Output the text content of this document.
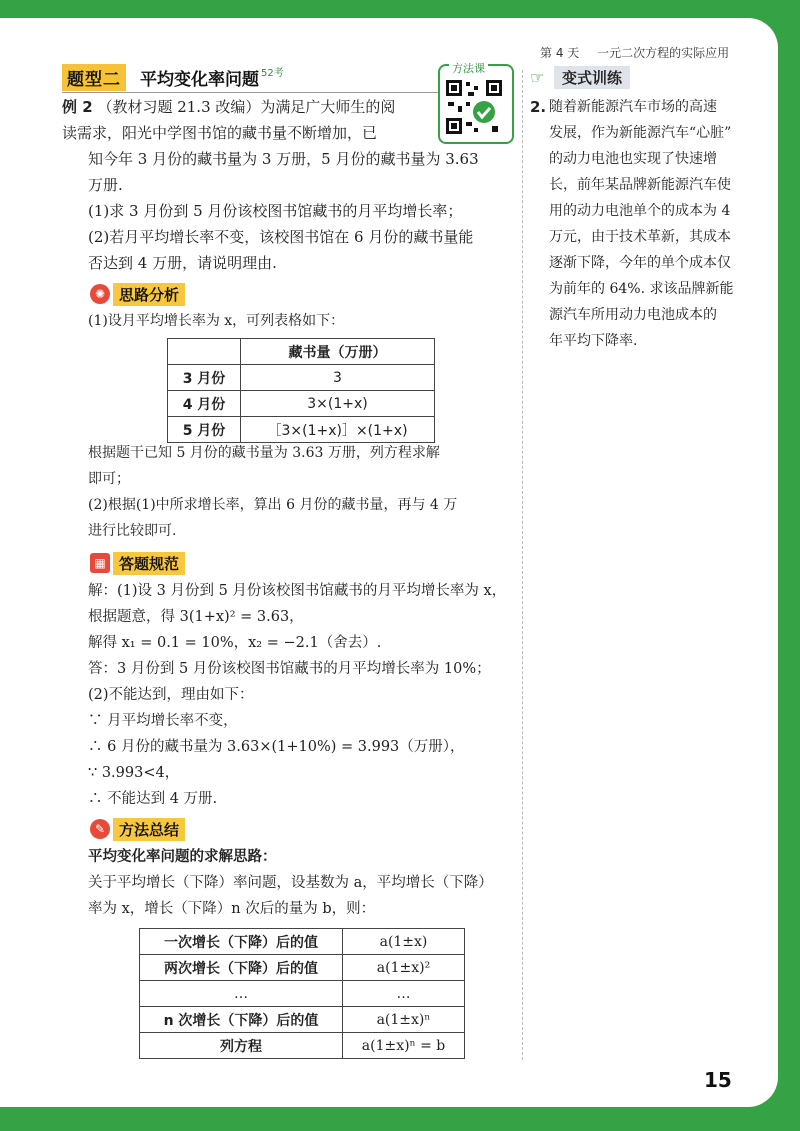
第 4 天 一元二次方程的实际应用
题型二 平均变化率问题 52考	方法课
例 2 （教材习题 21.3 改编）为满足广大师生的阅
读需求，阳光中学图书馆的藏书量不断增加，已
知今年 3 月份的藏书量为 3 万册，5 月份的藏书量为 3.63
万册.
(1)求 3 月份到 5 月份该校图书馆藏书的月平均增长率；
(2)若月平均增长率不变，该校图书馆在 6 月份的藏书量能
否达到 4 万册，请说明理由.
✺ 思路分析
(1)设月平均增长率为 x，可列表格如下：
	藏书量（万册）
3 月份	3
4 月份	3×(1+x)
5 月份	［3×(1+x)］×(1+x)
根据题干已知 5 月份的藏书量为 3.63 万册，列方程求解
即可；
(2)根据(1)中所求增长率，算出 6 月份的藏书量，再与 4 万
进行比较即可.
▦ 答题规范
解：(1)设 3 月份到 5 月份该校图书馆藏书的月平均增长率为 x，
根据题意，得 3(1+x)² = 3.63，
解得 x₁ = 0.1 = 10%，x₂ = −2.1（舍去）.
答：3 月份到 5 月份该校图书馆藏书的月平均增长率为 10%；
(2)不能达到，理由如下：
∵ 月平均增长率不变，
∴ 6 月份的藏书量为 3.63×(1+10%) = 3.993（万册），
∵ 3.993<4，
∴ 不能达到 4 万册.
✎ 方法总结
平均变化率问题的求解思路：
关于平均增长（下降）率问题，设基数为 a，平均增长（下降）
率为 x，增长（下降）n 次后的量为 b，则：
一次增长（下降）后的值	a(1±x)
两次增长（下降）后的值	a(1±x)²
…	…
n 次增长（下降）后的值	a(1±x)ⁿ
列方程	a(1±x)ⁿ = b
☞	变式训练
2. 随着新能源汽车市场的高速
发展，作为新能源汽车“心脏”
的动力电池也实现了快速增
长，前年某品牌新能源汽车使
用的动力电池单个的成本为 4
万元，由于技术革新，其成本
逐渐下降，今年的单个成本仅
为前年的 64%. 求该品牌新能
源汽车所用动力电池成本的
年平均下降率.
15
